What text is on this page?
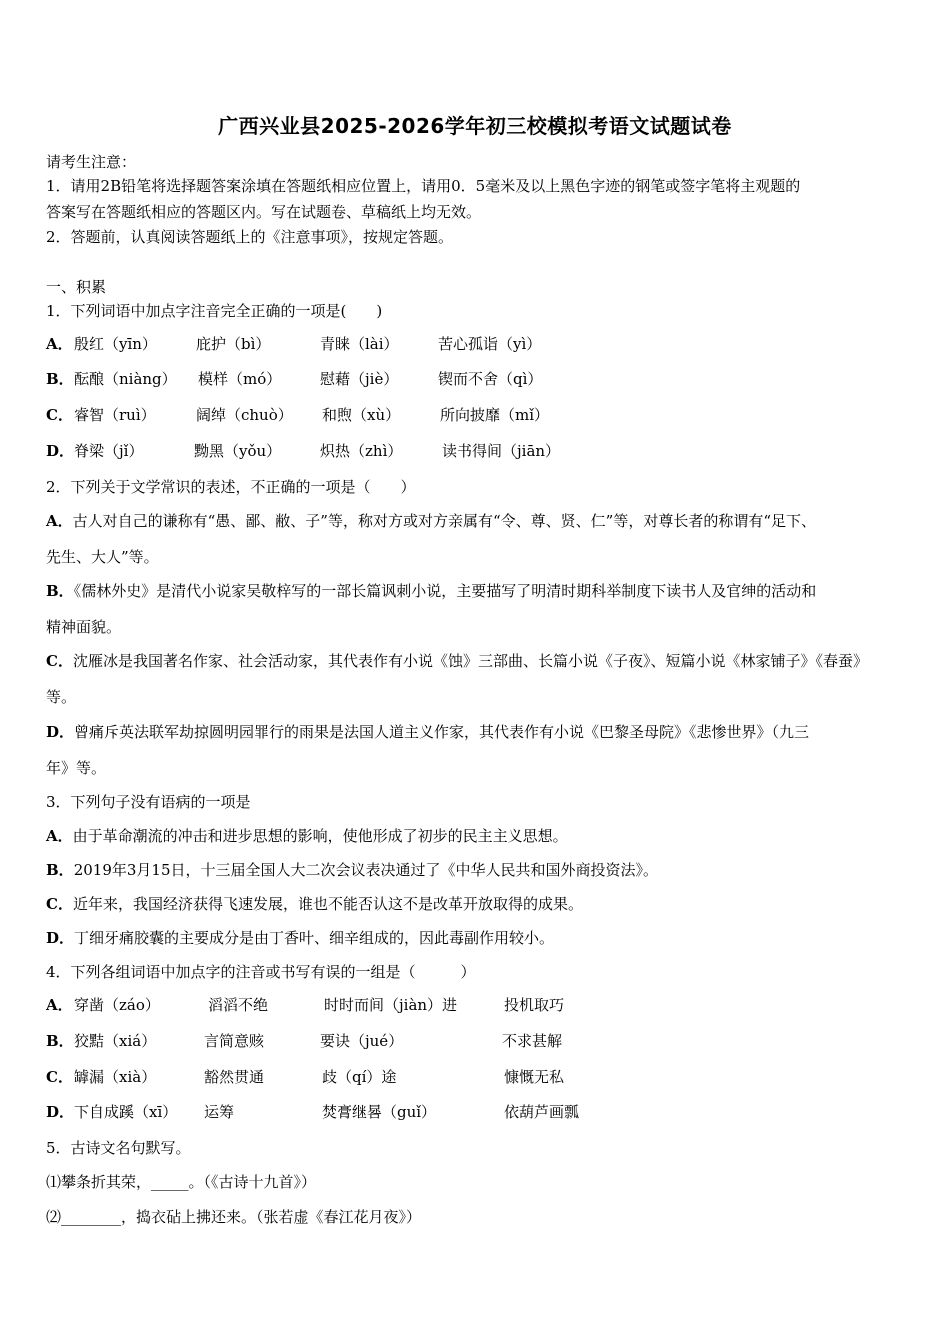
广西兴业县2025-2026学年初三校模拟考语文试题试卷
请考生注意：
1．请用2B铅笔将选择题答案涂填在答题纸相应位置上，请用0．5毫米及以上黑色字迹的钢笔或签字笔将主观题的
答案写在答题纸相应的答题区内。写在试题卷、草稿纸上均无效。
2．答题前，认真阅读答题纸上的《注意事项》，按规定答题。
一、积累
1．下列词语中加点字注音完全正确的一项是(　　)
A． 殷红（yīn）	庇护（bì）	青睐（lài）	苦心孤诣（yì）
B． 酝酿（niàng） 模样（mó）	慰藉（jiè）	锲而不舍（qì）
C． 睿智（ruì）	阔绰（chuò） 和煦（xù）	所向披靡（mǐ）
D． 脊梁（jǐ）	黝黑（yǒu）	炽热（zhì）	读书得间（jiān）
2．下列关于文学常识的表述，不正确的一项是（　　）
A．古人对自己的谦称有“愚、鄙、敝、子”等，称对方或对方亲属有“令、尊、贤、仁”等，对尊长者的称谓有“足下、
先生、大人”等。
B．《儒林外史》是清代小说家吴敬梓写的一部长篇讽刺小说，主要描写了明清时期科举制度下读书人及官绅的活动和
精神面貌。
C．沈雁冰是我国著名作家、社会活动家，其代表作有小说《蚀》三部曲、长篇小说《子夜》、短篇小说《林家铺子》《春蚕》
等。
D．曾痛斥英法联军劫掠圆明园罪行的雨果是法国人道主义作家，其代表作有小说《巴黎圣母院》《悲惨世界》（九三
年》等。
3．下列句子没有语病的一项是
A．由于革命潮流的冲击和进步思想的影响，使他形成了初步的民主主义思想。
B．2019年3月15日，十三届全国人大二次会议表决通过了《中华人民共和国外商投资法》。
C．近年来，我国经济获得飞速发展，谁也不能否认这不是改革开放取得的成果。
D．丁细牙痛胶囊的主要成分是由丁香叶、细辛组成的，因此毒副作用较小。
4．下列各组词语中加点字的注音或书写有误的一组是（　　　）
A． 穿凿（záo）	滔滔不绝	时时而间（jiàn）进	投机取巧
B． 狡黠（xiá）	言简意赅	要诀（jué）	不求甚解
C． 罅漏（xià）	豁然贯通	歧（qí）途	慷慨无私
D． 下自成蹊（xī） 运筹	焚膏继晷（guǐ）	依葫芦画瓢
5．古诗文名句默写。
⑴攀条折其荣，_____。（《古诗十九首》）
⑵________，捣衣砧上拂还来。（张若虚《春江花月夜》）
